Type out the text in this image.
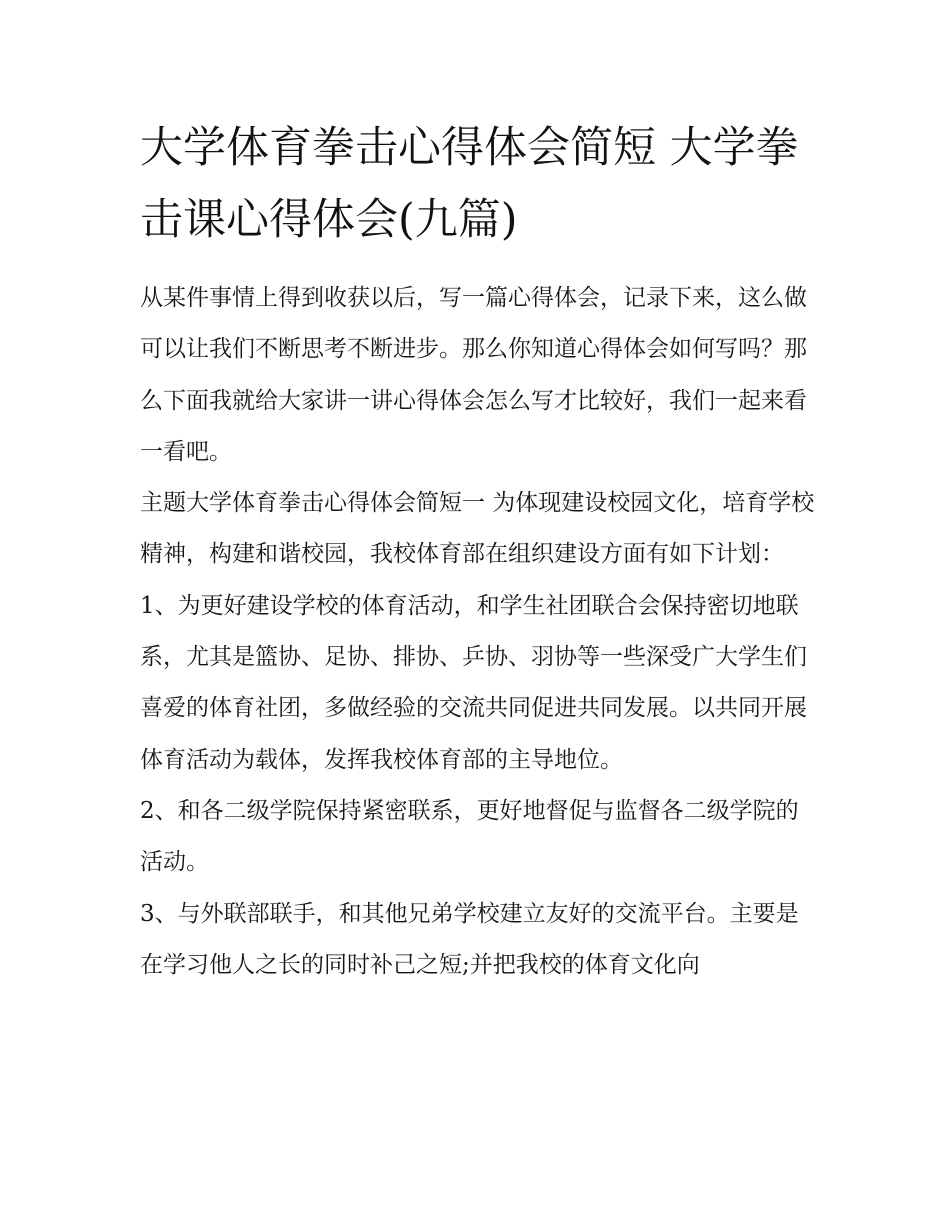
大学体育拳击心得体会简短 大学拳击课心得体会(九篇)

从某件事情上得到收获以后，写一篇心得体会，记录下来，这么做可以让我们不断思考不断进步。那么你知道心得体会如何写吗？那么下面我就给大家讲一讲心得体会怎么写才比较好，我们一起来看一看吧。

主题大学体育拳击心得体会简短一 为体现建设校园文化，培育学校精神，构建和谐校园，我校体育部在组织建设方面有如下计划：

1、为更好建设学校的体育活动，和学生社团联合会保持密切地联系，尤其是篮协、足协、排协、乒协、羽协等一些深受广大学生们喜爱的体育社团，多做经验的交流共同促进共同发展。以共同开展体育活动为载体，发挥我校体育部的主导地位。

2、和各二级学院保持紧密联系，更好地督促与监督各二级学院的活动。

3、与外联部联手，和其他兄弟学校建立友好的交流平台。主要是在学习他人之长的同时补己之短;并把我校的体育文化向
